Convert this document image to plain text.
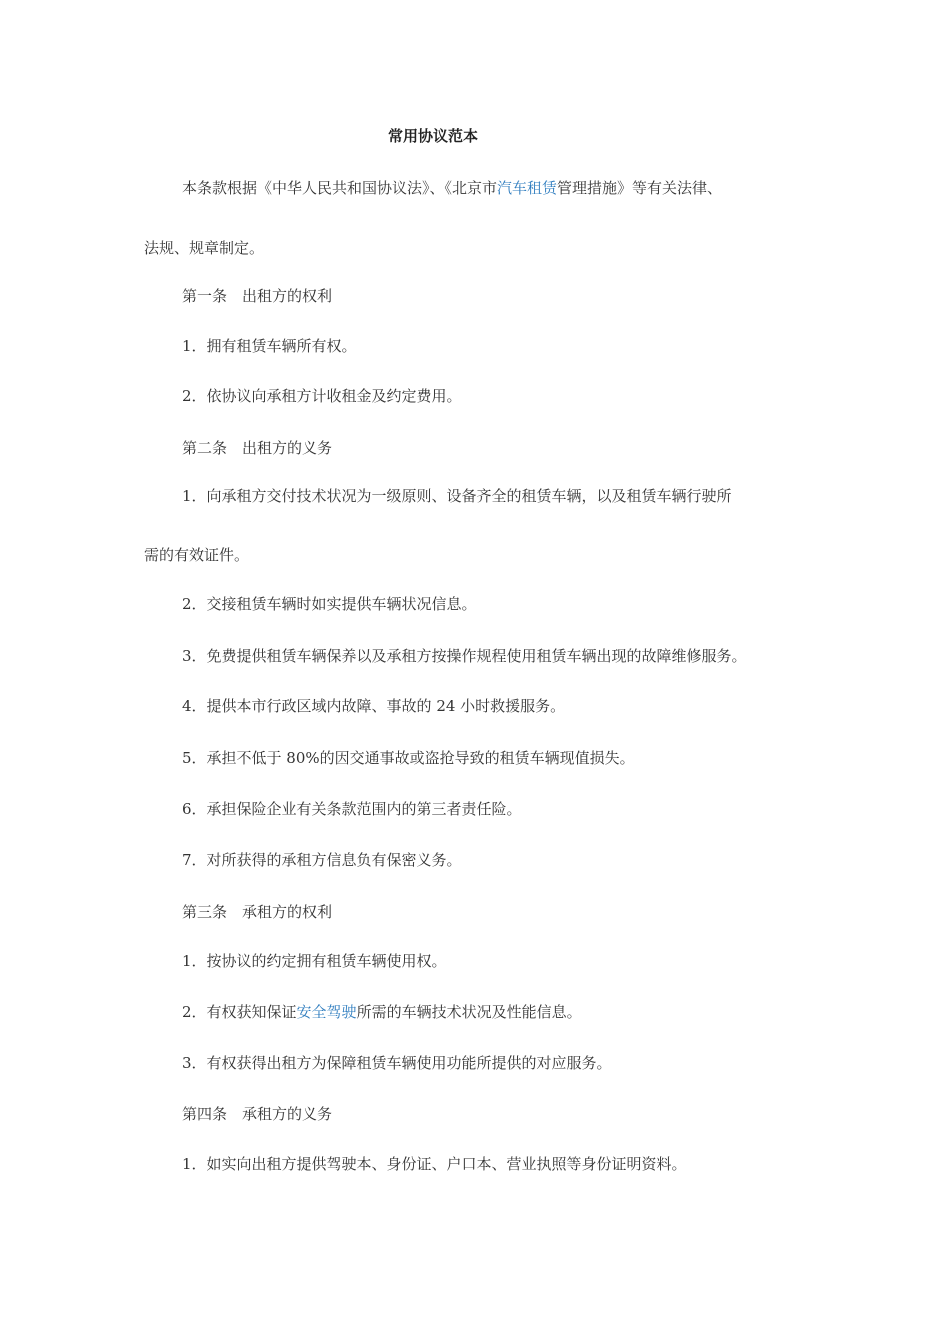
常用协议范本
本条款根据《中华人民共和国协议法》、《北京市汽车租赁管理措施》等有关法律、
法规、规章制定。
第一条　出租方的权利
1．拥有租赁车辆所有权。
2．依协议向承租方计收租金及约定费用。
第二条　出租方的义务
1．向承租方交付技术状况为一级原则、设备齐全的租赁车辆，以及租赁车辆行驶所
需的有效证件。
2．交接租赁车辆时如实提供车辆状况信息。
3．免费提供租赁车辆保养以及承租方按操作规程使用租赁车辆出现的故障维修服务。
4．提供本市行政区域内故障、事故的 24 小时救援服务。
5．承担不低于 80%的因交通事故或盗抢导致的租赁车辆现值损失。
6．承担保险企业有关条款范围内的第三者责任险。
7．对所获得的承租方信息负有保密义务。
第三条　承租方的权利
1．按协议的约定拥有租赁车辆使用权。
2．有权获知保证安全驾驶所需的车辆技术状况及性能信息。
3．有权获得出租方为保障租赁车辆使用功能所提供的对应服务。
第四条　承租方的义务
1．如实向出租方提供驾驶本、身份证、户口本、营业执照等身份证明资料。
